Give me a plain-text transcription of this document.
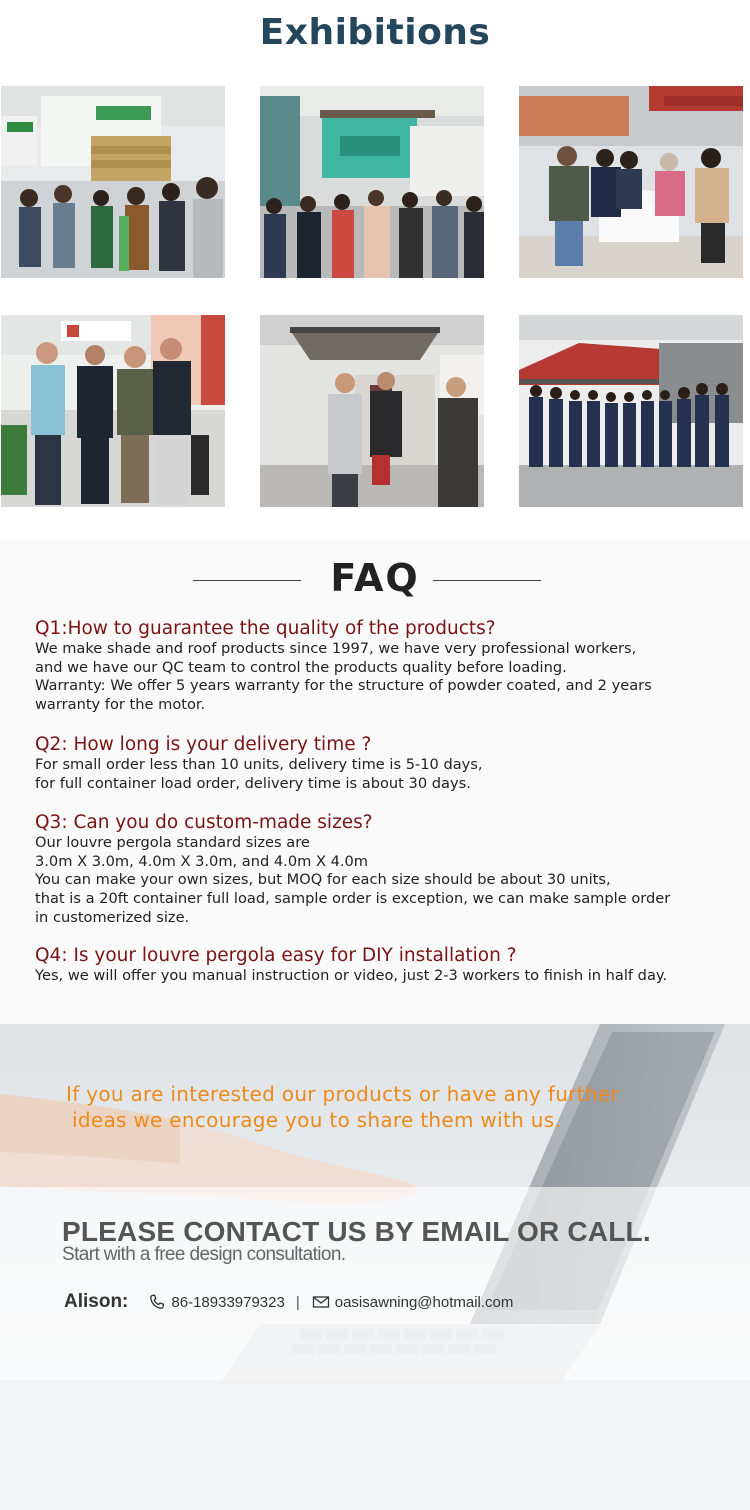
Exhibitions
FAQ
Q1:How to guarantee the quality of the products?
We make shade and roof products since 1997, we have very professional workers,
and we have our QC team to control the products quality before loading.
Warranty: We offer 5 years warranty for the structure of powder coated, and 2 years
warranty for the motor.
Q2: How long is your delivery time ?
For small order less than 10 units, delivery time is 5-10 days,
for full container load order, delivery time is about 30 days.
Q3: Can you do custom-made sizes?
Our louvre pergola standard sizes are
3.0m X 3.0m, 4.0m X 3.0m, and 4.0m X 4.0m
You can make your own sizes, but MOQ for each size should be about 30 units,
that is a 20ft container full load, sample order is exception, we can make sample order
in customerized size.
Q4: Is your louvre pergola easy for DIY installation ?
Yes, we will offer you manual instruction or video, just 2-3 workers to finish in half day.
If you are interested our products or have any further
ideas we encourage you to share them with us.
PLEASE CONTACT US BY EMAIL OR CALL.
Start with a free design consultation.
Alison:	86-18933979323 | oasisawning@hotmail.com
